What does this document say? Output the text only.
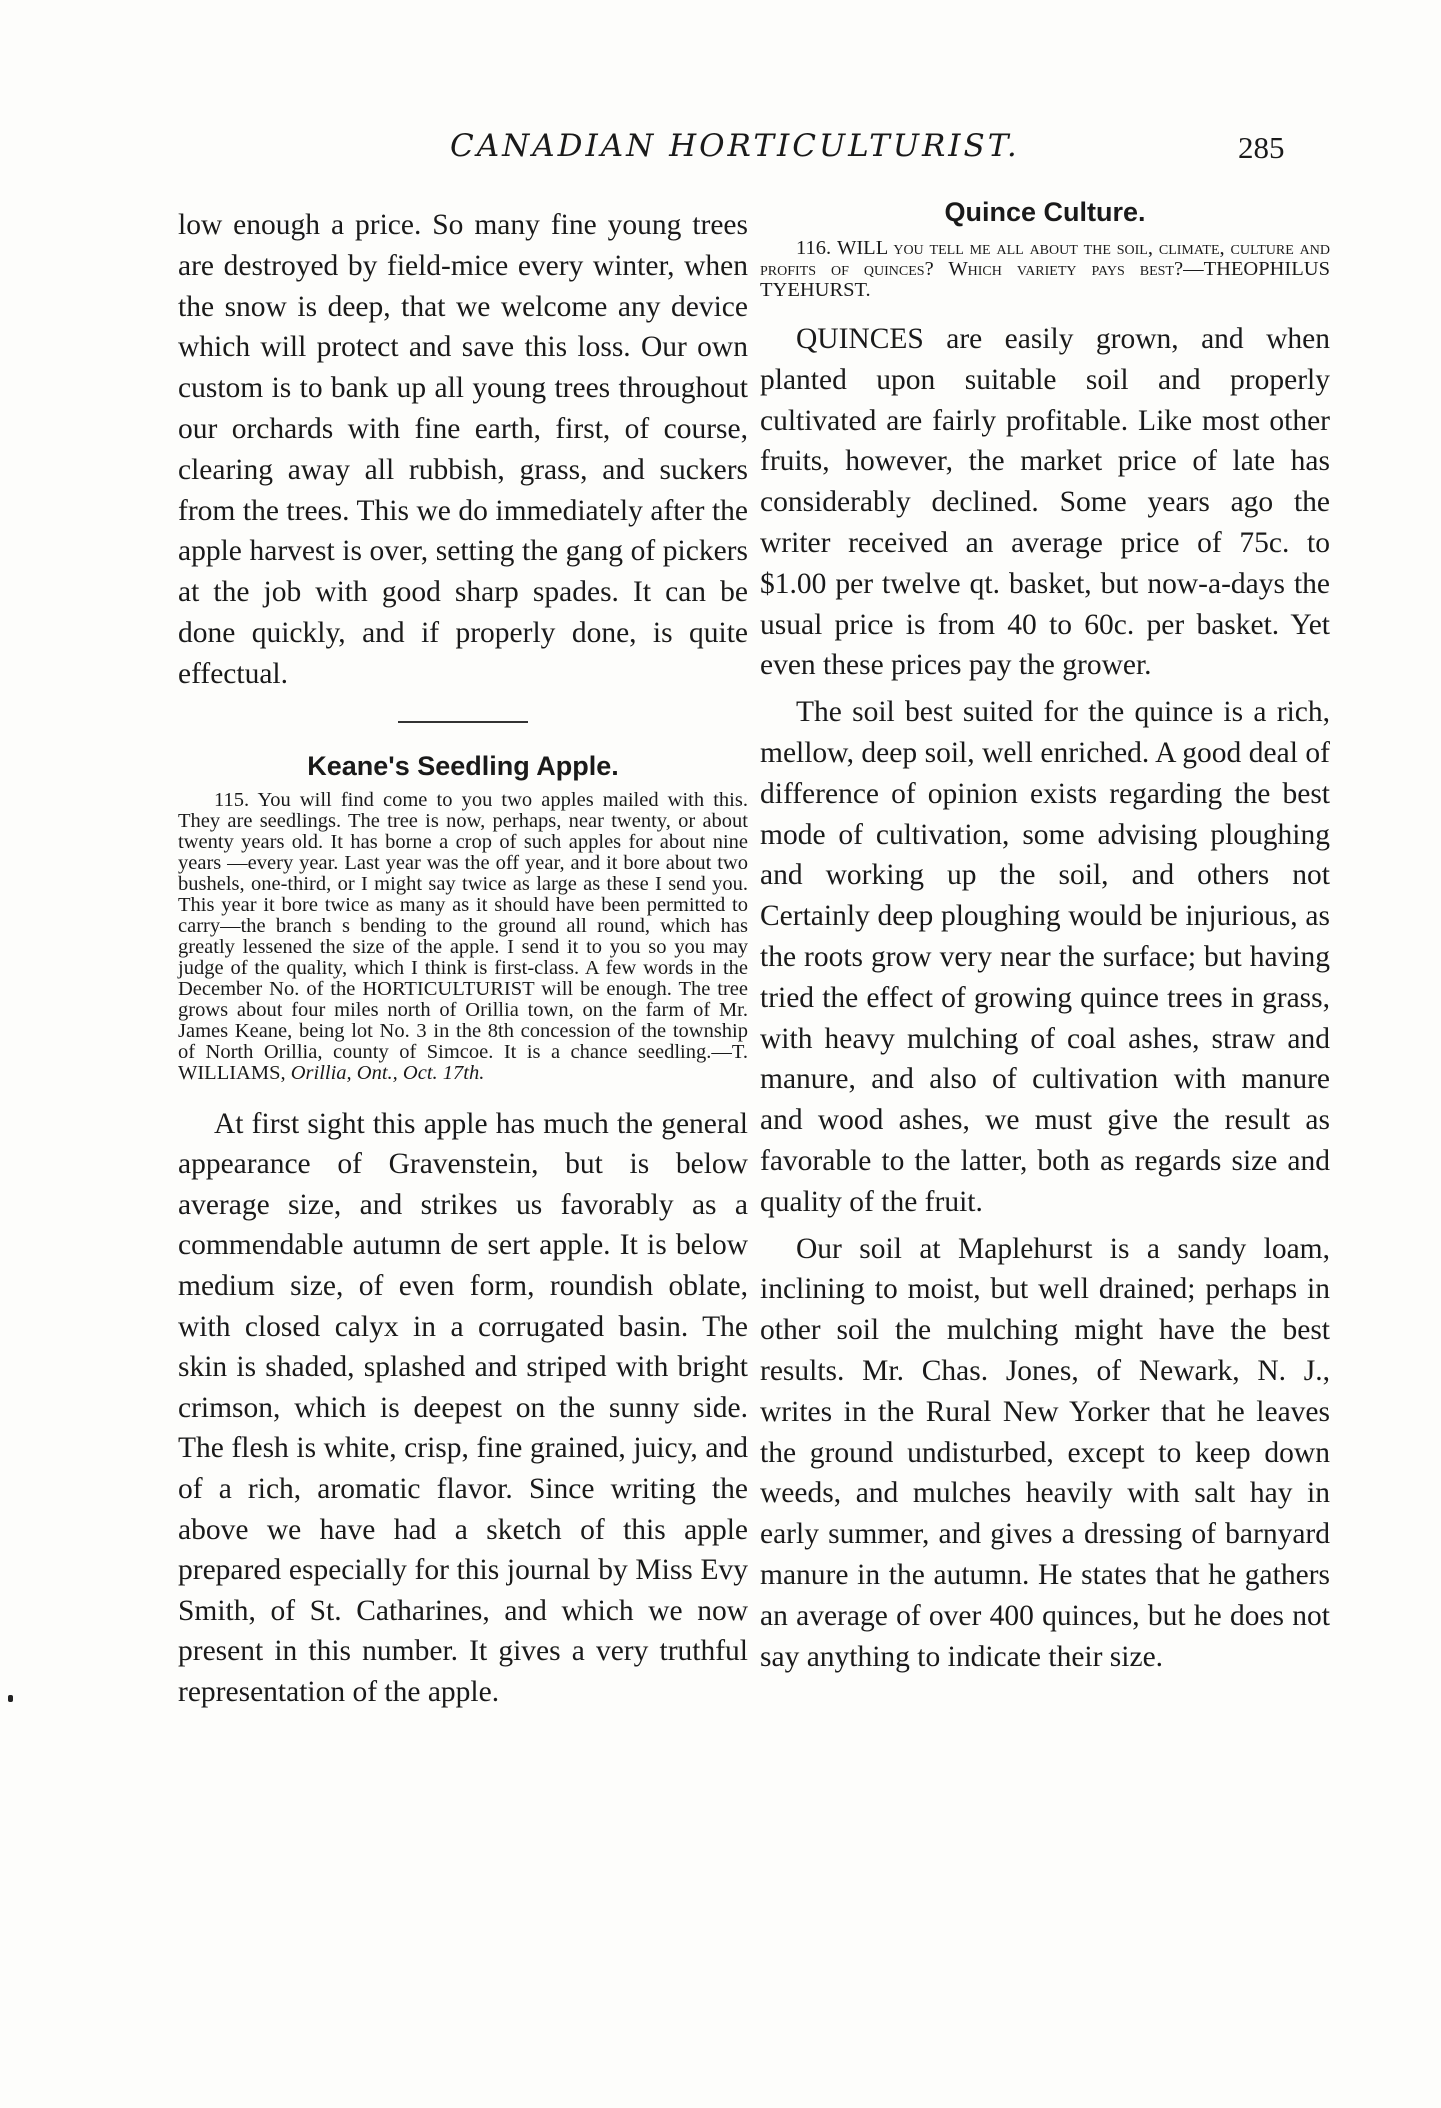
CANADIAN HORTICULTURIST.	285

low enough a price. So many fine young trees are destroyed by field-mice every winter, when the snow is deep, that we welcome any device which will protect and save this loss. Our own custom is to bank up all young trees throughout our orchards with fine earth, first, of course, clearing away all rubbish, grass, and suckers from the trees. This we do immediately after the apple harvest is over, setting the gang of pickers at the job with good sharp spades. It can be done quickly, and if properly done, is quite effectual.

Keane's Seedling Apple.

115. You will find come to you two apples mailed with this. They are seedlings. The tree is now, perhaps, near twenty, or about twenty years old. It has borne a crop of such apples for about nine years —every year. Last year was the off year, and it bore about two bushels, one-third, or I might say twice as large as these I send you. This year it bore twice as many as it should have been permitted to carry—the branch s bending to the ground all round, which has greatly lessened the size of the apple. I send it to you so you may judge of the quality, which I think is first-class. A few words in the December No. of the HORTICULTURIST will be enough. The tree grows about four miles north of Orillia town, on the farm of Mr. James Keane, being lot No. 3 in the 8th concession of the township of North Orillia, county of Simcoe. It is a chance seedling.—T. WILLIAMS, Orillia, Ont., Oct. 17th.

At first sight this apple has much the general appearance of Gravenstein, but is below average size, and strikes us favorably as a commendable autumn de sert apple. It is below medium size, of even form, roundish oblate, with closed calyx in a corrugated basin. The skin is shaded, splashed and striped with bright crimson, which is deepest on the sunny side. The flesh is white, crisp, fine grained, juicy, and of a rich, aromatic flavor. Since writing the above we have had a sketch of this apple prepared especially for this journal by Miss Evy Smith, of St. Catharines, and which we now present in this number. It gives a very truthful representation of the apple.

Quince Culture.

116. WILL you tell me all about the soil, climate, culture and profits of quinces? Which variety pays best?—THEOPHILUS TYEHURST.

QUINCES are easily grown, and when planted upon suitable soil and properly cultivated are fairly profitable. Like most other fruits, however, the market price of late has considerably declined. Some years ago the writer received an average price of 75c. to $1.00 per twelve qt. basket, but now-a-days the usual price is from 40 to 60c. per basket. Yet even these prices pay the grower.

The soil best suited for the quince is a rich, mellow, deep soil, well enriched. A good deal of difference of opinion exists regarding the best mode of cultivation, some advising ploughing and working up the soil, and others not Certainly deep ploughing would be injurious, as the roots grow very near the surface; but having tried the effect of growing quince trees in grass, with heavy mulching of coal ashes, straw and manure, and also of cultivation with manure and wood ashes, we must give the result as favorable to the latter, both as regards size and quality of the fruit.

Our soil at Maplehurst is a sandy loam, inclining to moist, but well drained; perhaps in other soil the mulching might have the best results. Mr. Chas. Jones, of Newark, N. J., writes in the Rural New Yorker that he leaves the ground undisturbed, except to keep down weeds, and mulches heavily with salt hay in early summer, and gives a dressing of barnyard manure in the autumn. He states that he gathers an average of over 400 quinces, but he does not say anything to indicate their size.
